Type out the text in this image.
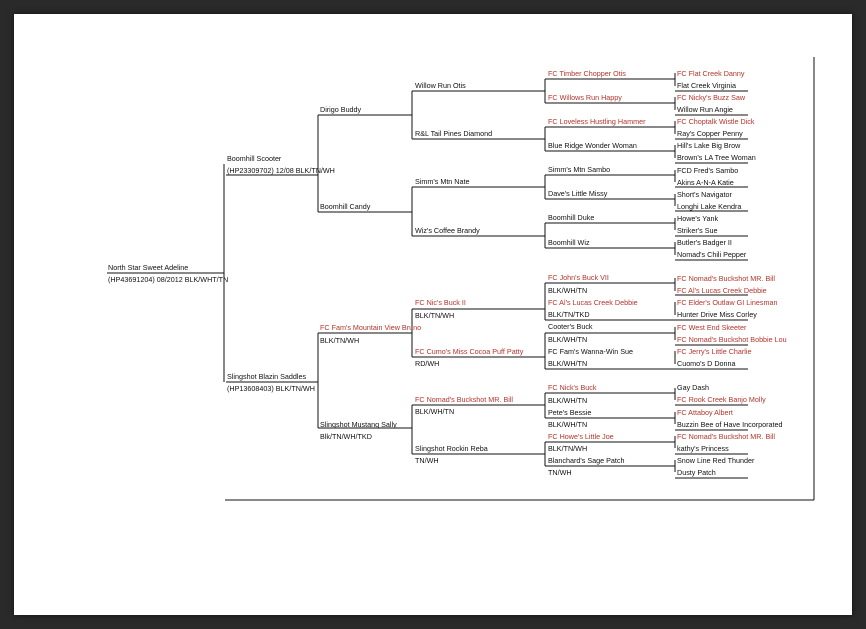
North Star Sweet Adeline
(HP43691204) 08/2012 BLK/WHT/TN
Boomhill Scooter
(HP23309702) 12/08 BLK/TN/WH
Slingshot Blazin Saddles
(HP13608403) BLK/TN/WH
Dirigo Buddy
Boomhill Candy
FC Fam's Mountain View Bruno
BLK/TN/WH
Slingshot Mustang Sally
Blk/TN/WH/TKD
Willow Run Otis
R&L Tail Pines Diamond
Simm's Mtn Nate
Wiz's Coffee Brandy
FC Nic's Buck II
BLK/TN/WH
FC Cumo's Miss Cocoa Puff Patty
RD/WH
FC Nomad's Buckshot MR. Bill
BLK/WH/TN
Slingshot Rockin Reba
TN/WH
FC Timber Chopper Otis
FC Willows Run Happy
FC Loveless Hustling Hammer
Blue Ridge Wonder Woman
Simm's Mtn Sambo
Dave's Little Missy
Boomhill Duke
Boomhill Wiz
FC John's Buck VII
BLK/WH/TN
FC Al's Lucas Creek Debbie
BLK/TN/TKD
Cooter's Buck
BLK/WH/TN
FC Fam's Wanna-Win Sue
BLK/WH/TN
FC Nick's Buck
BLK/WH/TN
Pete's Bessie
BLK/WH/TN
FC Howe's Little Joe
BLK/TN/WH
Blanchard's Sage Patch
TN/WH
FC Flat Creek Danny
Flat Creek Virginia
FC Nicky's Buzz Saw
Willow Run Angie
FC Choptalk Wistle Dick
Ray's Copper Penny
Hill's Lake Big Brow
Brown's LA Tree Woman
FCD Fred's Sambo
Akins A-N-A Katie
Short's Navigator
Longhi Lake Kendra
Howe's Yank
Striker's Sue
Butler's Badger II
Nomad's Chili Pepper
FC Nomad's Buckshot MR. Bill
FC Al's Lucas Creek Debbie
FC Elder's Outlaw GI Linesman
Hunter Drive Miss Corley
FC West End Skeeter
FC Nomad's Buckshot Bobbie Lou
FC Jerry's Little Charlie
Cuomo's D Donna
Gay Dash
FC Rook Creek Banjo Molly
FC Attaboy Albert
Buzzin Bee of Have Incorporated
FC Nomad's Buckshot MR. Bill
kathy's Princess
Snow Line Red Thunder
Dusty Patch
